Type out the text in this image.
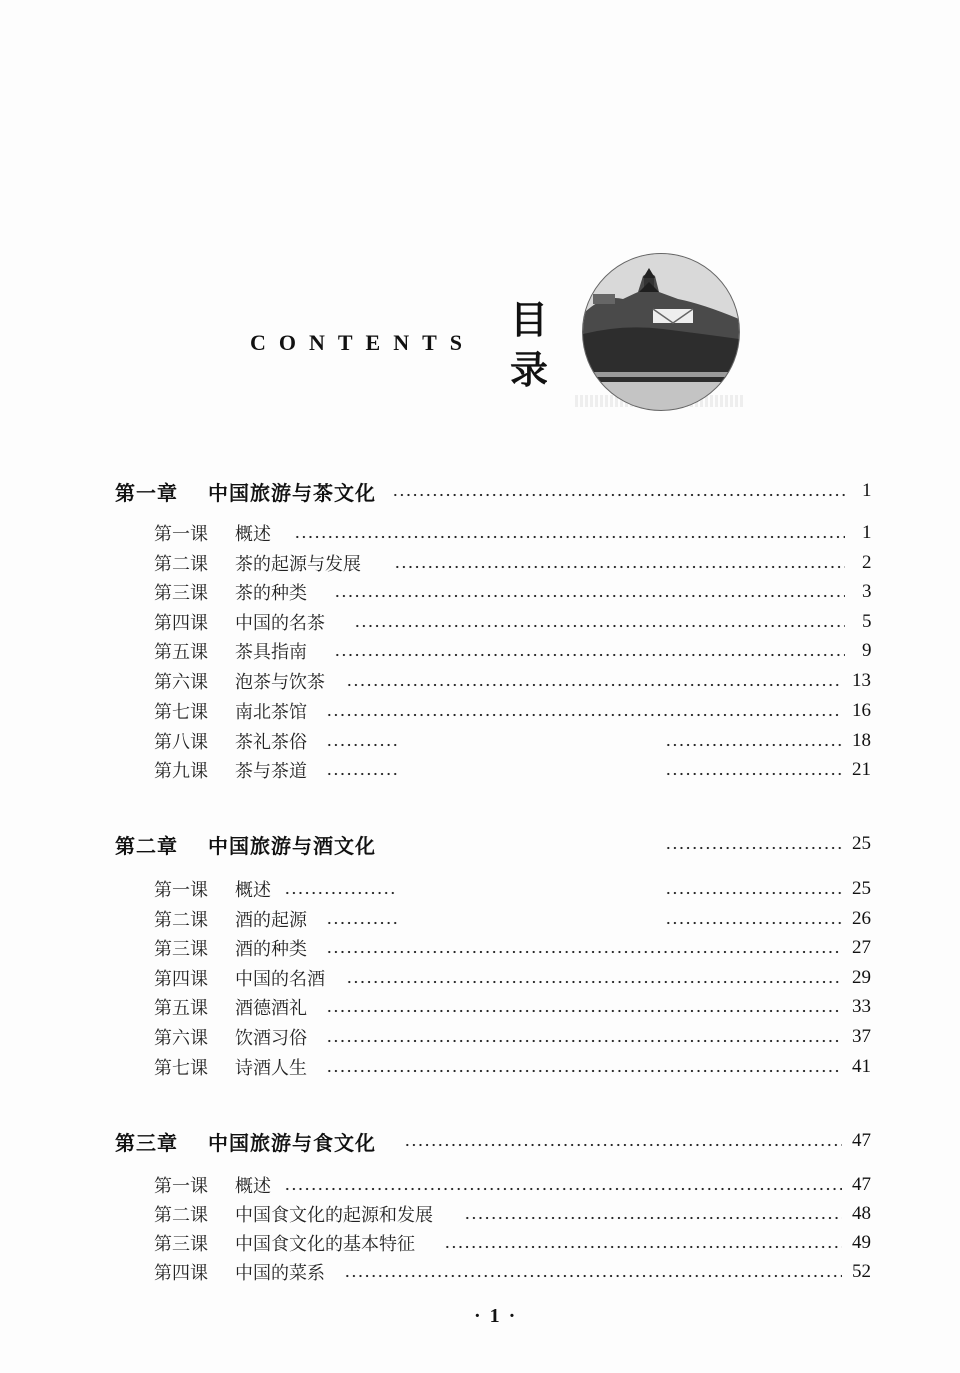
CONTENTS
目
录
第一章 中国旅游与茶文化	1
第一课 概述	1
第二课 茶的起源与发展	2
第三课 茶的种类	3
第四课 中国的名茶	5
第五课 茶具指南	9
第六课 泡茶与饮茶	13
第七课 南北茶馆	16
第八课 茶礼茶俗	18
第九课 茶与茶道	21
第二章 中国旅游与酒文化	25
第一课 概述	25
第二课 酒的起源	26
第三课 酒的种类	27
第四课 中国的名酒	29
第五课 酒德酒礼	33
第六课 饮酒习俗	37
第七课 诗酒人生	41
第三章 中国旅游与食文化	47
第一课 概述	47
第二课 中国食文化的起源和发展	48
第三课 中国食文化的基本特征	49
第四课 中国的菜系	52
· 1 ·
